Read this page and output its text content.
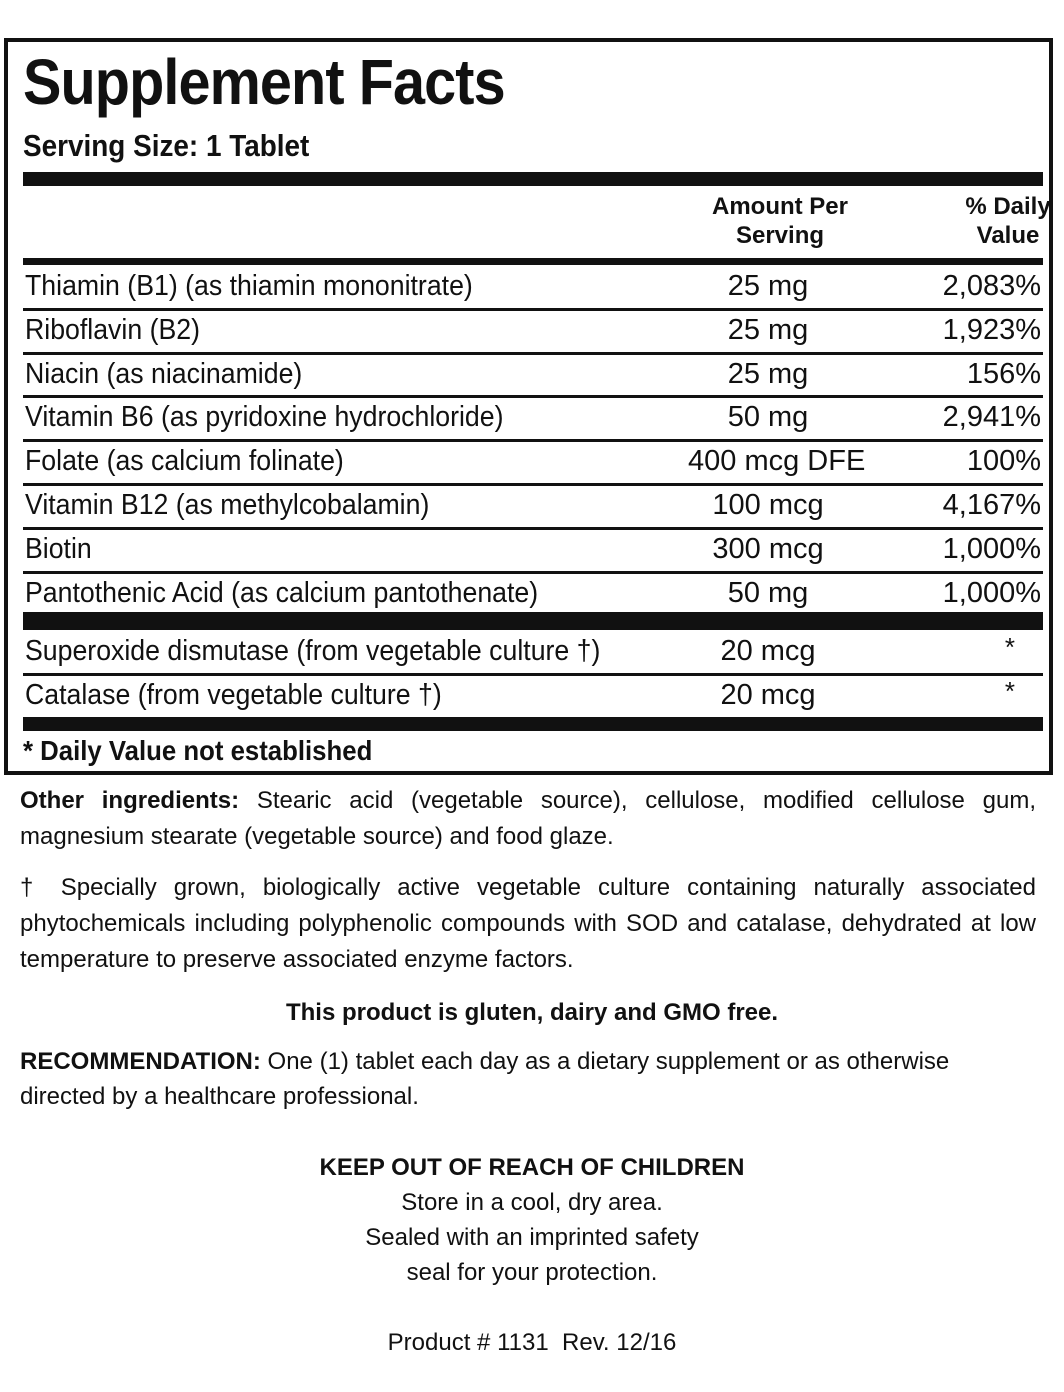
Supplement Facts
Serving Size: 1 Tablet
Amount Per
Serving
% Daily
Value
Thiamin (B1) (as thiamin mononitrate)	25 mg	2,083%
Riboflavin (B2)	25 mg	1,923%
Niacin (as niacinamide)	25 mg	156%
Vitamin B6 (as pyridoxine hydrochloride)	50 mg	2,941%
Folate (as calcium folinate)	400 mcg DFE	100%
Vitamin B12 (as methylcobalamin)	100 mcg	4,167%
Biotin	300 mcg	1,000%
Pantothenic Acid (as calcium pantothenate)	50 mg	1,000%
Superoxide dismutase (from vegetable culture †)	20 mcg	*
Catalase (from vegetable culture †)	20 mcg	*
* Daily Value not established
Other ingredients: Stearic acid (vegetable source), cellulose, modified cellulose gum, magnesium stearate (vegetable source) and food glaze.
† Specially grown, biologically active vegetable culture containing naturally associated phytochemicals including polyphenolic compounds with SOD and catalase, dehydrated at low temperature to preserve associated enzyme factors.
This product is gluten, dairy and GMO free.
RECOMMENDATION: One (1) tablet each day as a dietary supplement or as otherwise directed by a healthcare professional.
KEEP OUT OF REACH OF CHILDREN
Store in a cool, dry area.
Sealed with an imprinted safety
seal for your protection.
Product # 1131  Rev. 12/16
